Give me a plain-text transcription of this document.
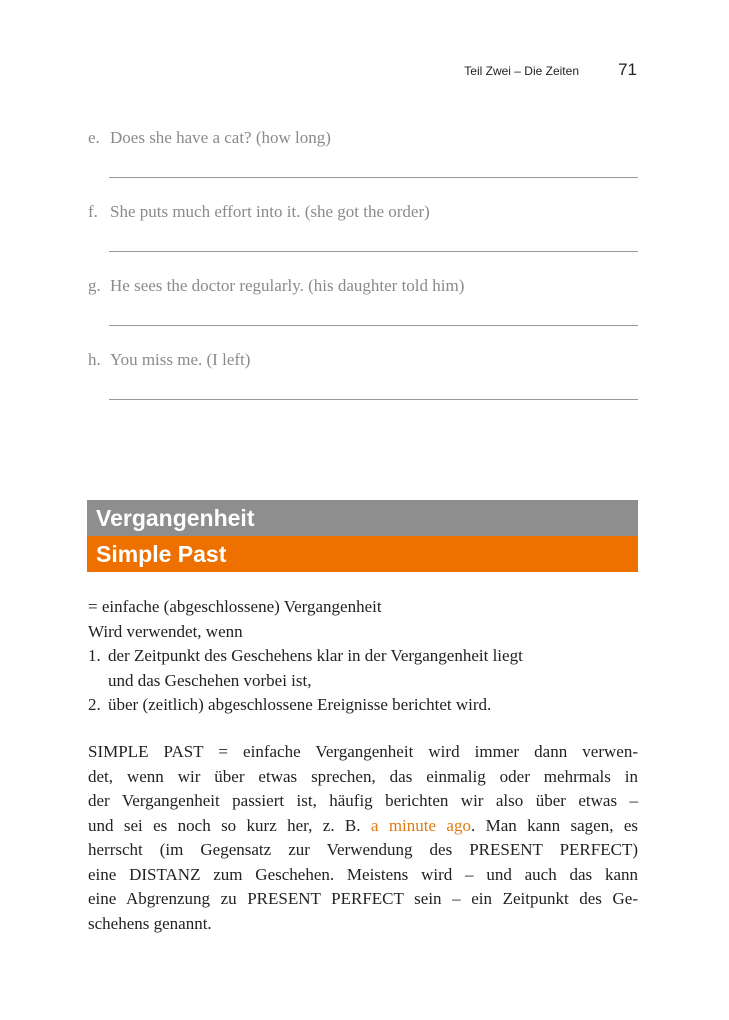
Teil Zwei – Die Zeiten 71
e. Does she have a cat? (how long)
f. She puts much effort into it. (she got the order)
g. He sees the doctor regularly. (his daughter told him)
h. You miss me. (I left)
Vergangenheit
Simple Past
= einfache (abgeschlossene) Vergangenheit
Wird verwendet, wenn
1. der Zeitpunkt des Geschehens klar in der Vergangenheit liegt
und das Geschehen vorbei ist,
2. über (zeitlich) abgeschlossene Ereignisse berichtet wird.
SIMPLE PAST = einfache Vergangenheit wird immer dann verwen-
det, wenn wir über etwas sprechen, das einmalig oder mehrmals in
der Vergangenheit passiert ist, häufig berichten wir also über etwas –
und sei es noch so kurz her, z. B. a minute ago. Man kann sagen, es
herrscht (im Gegensatz zur Verwendung des PRESENT PERFECT)
eine DISTANZ zum Geschehen. Meistens wird – und auch das kann
eine Abgrenzung zu PRESENT PERFECT sein – ein Zeitpunkt des Ge-
schehens genannt.
